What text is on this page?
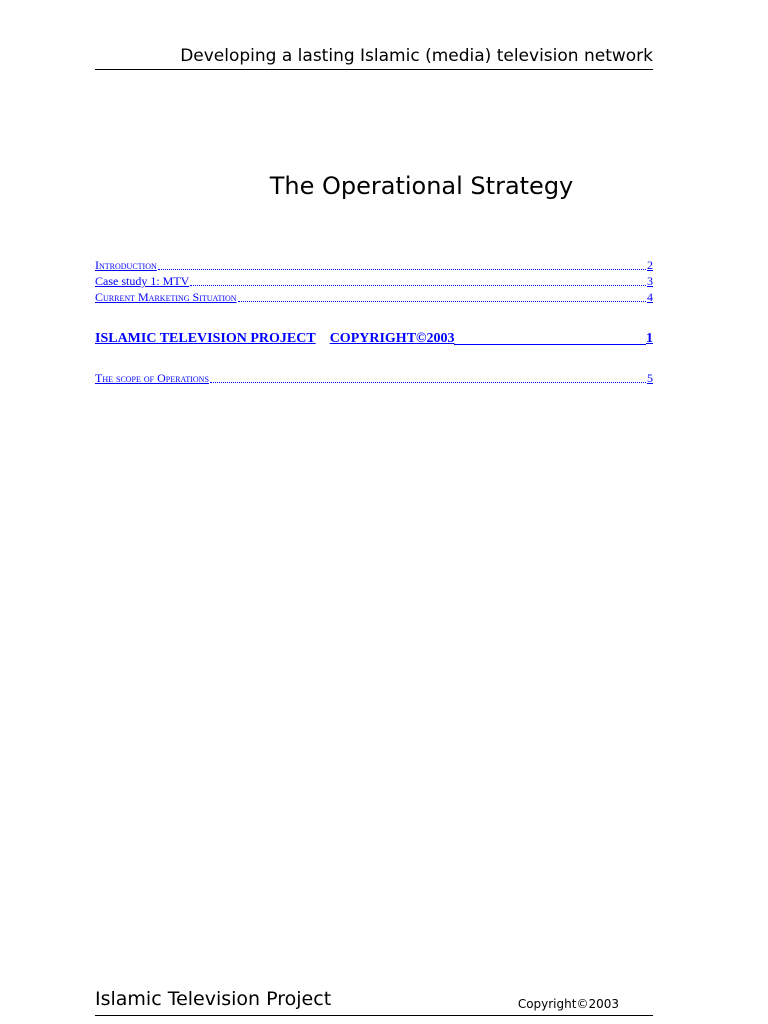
Developing a lasting Islamic (media) television network
The Operational Strategy
Introduction	2
Case study 1: MTV	3
Current Marketing Situation	4
ISLAMIC TELEVISION PROJECT COPYRIGHT©2003	1
The scope of Operations	5
Islamic Television Project	Copyright©2003
